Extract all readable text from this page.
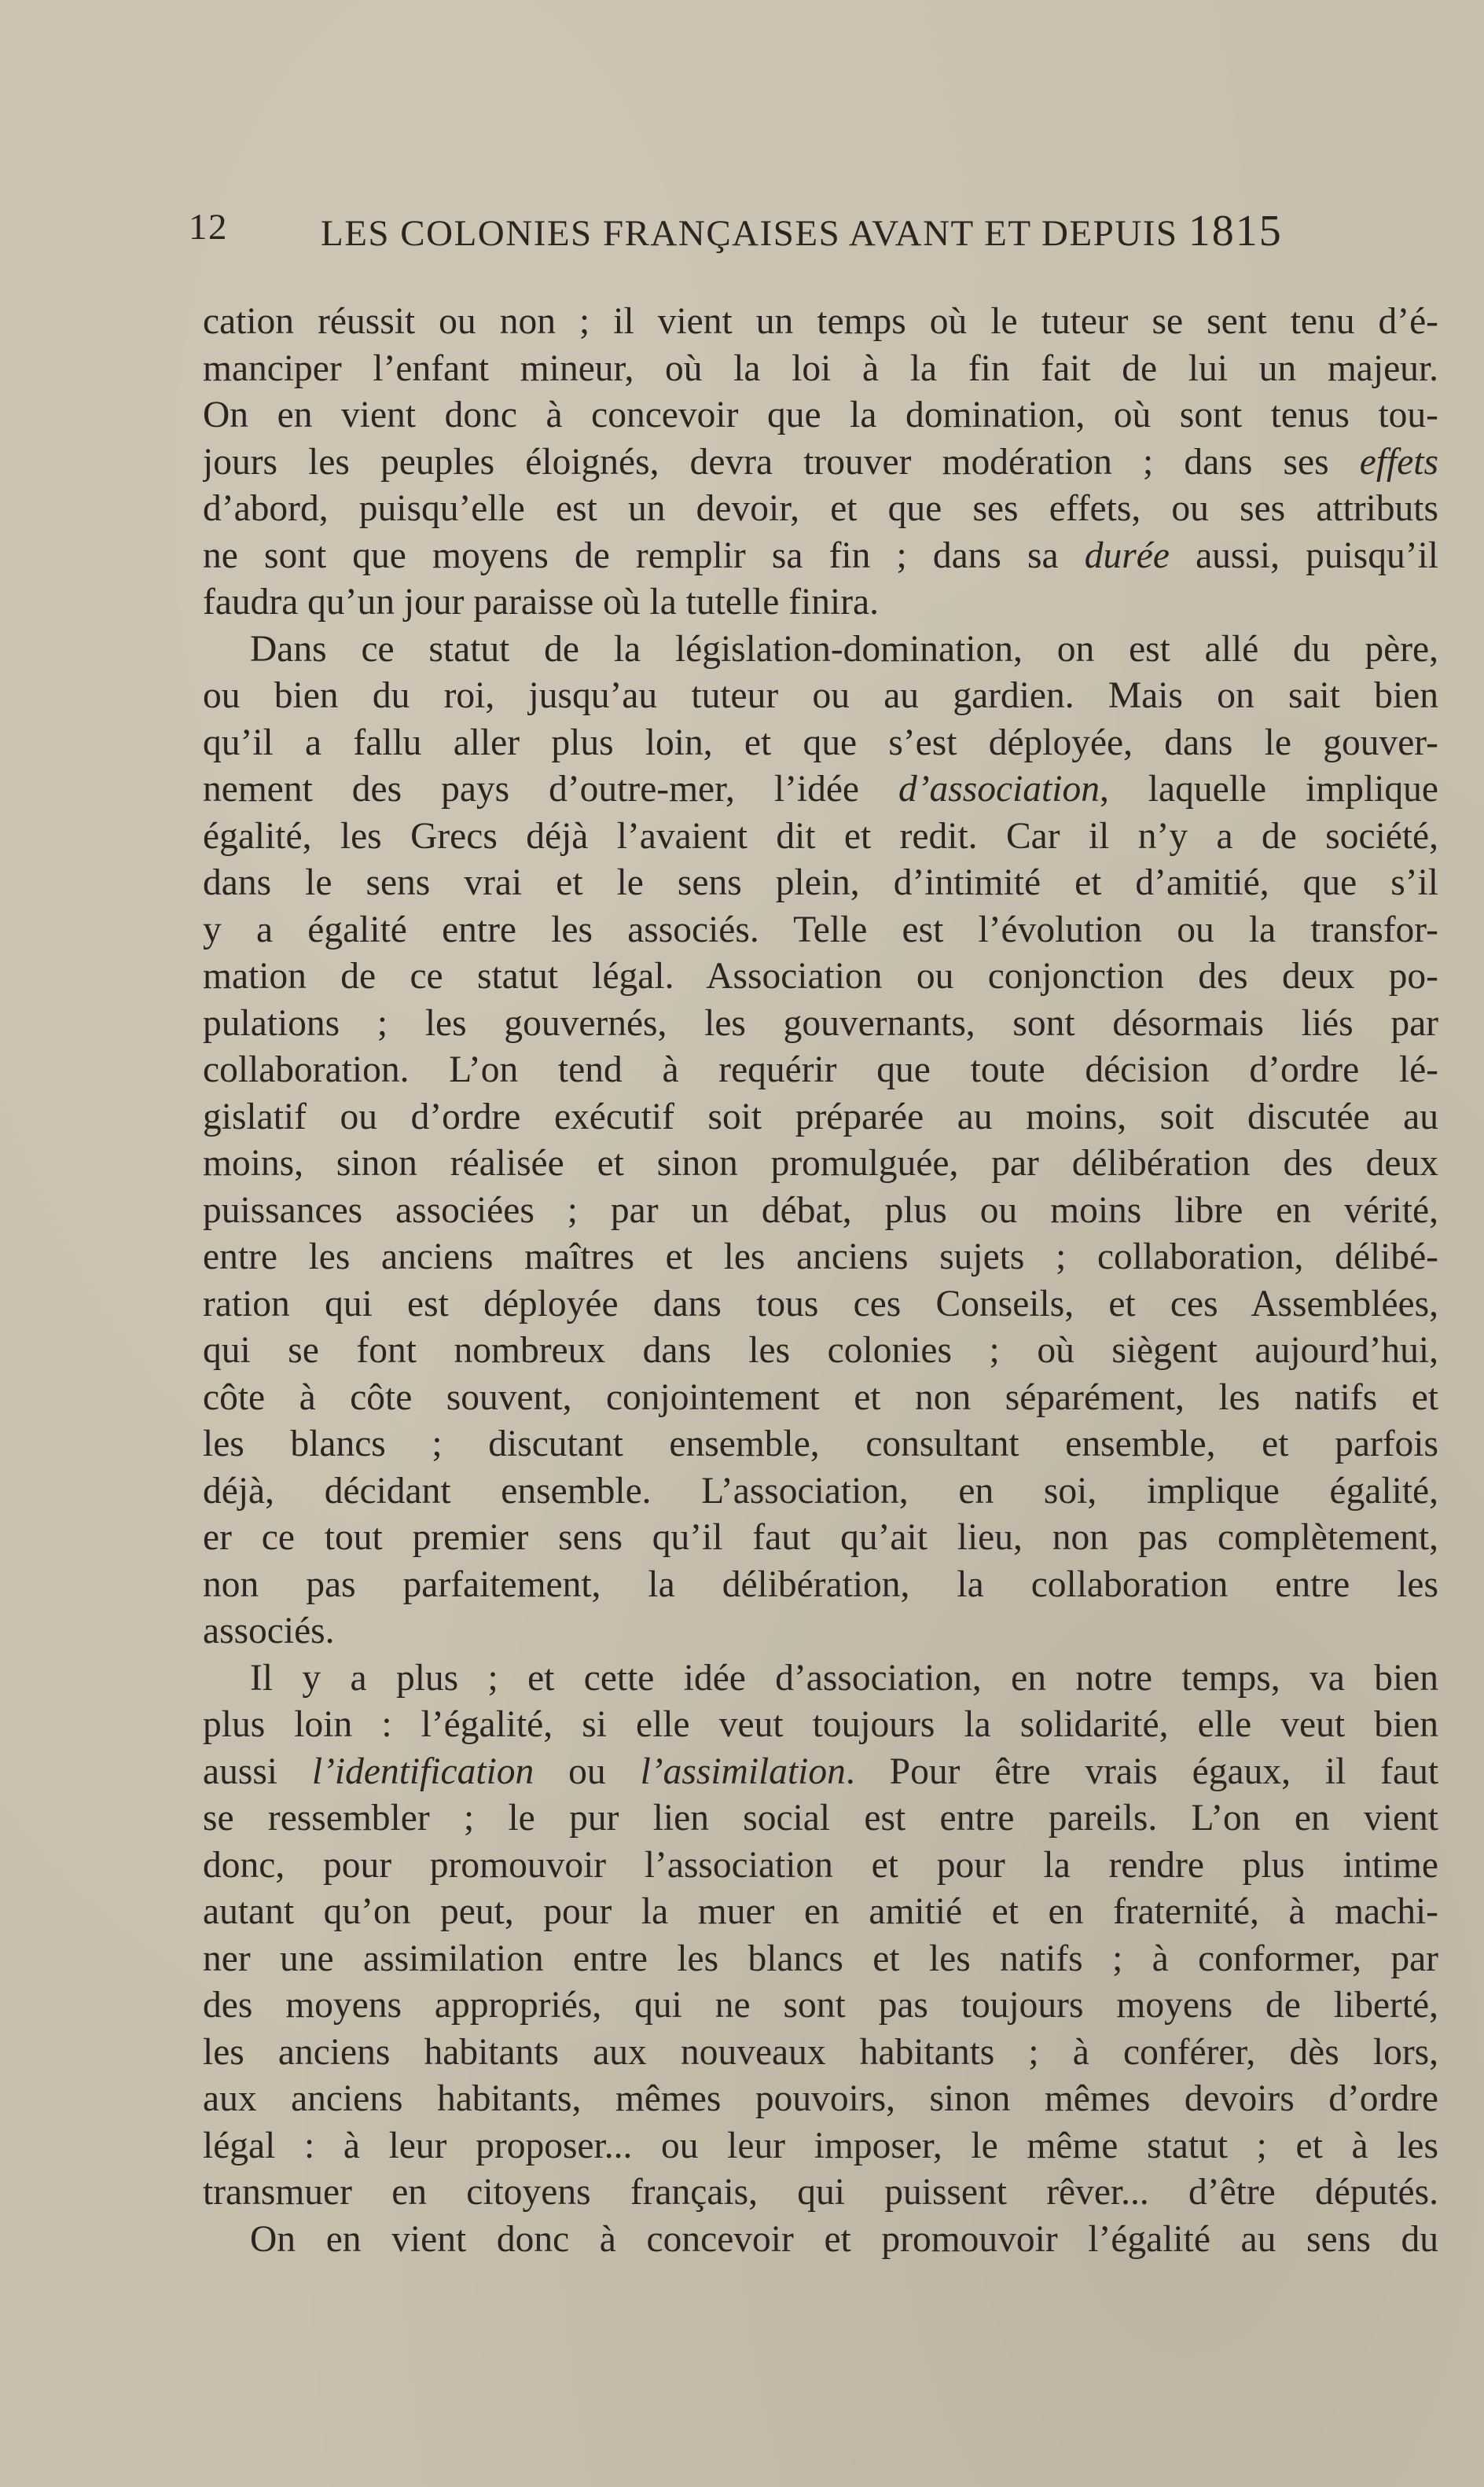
12	LES COLONIES FRANÇAISES AVANT ET DEPUIS 1815
cation réussit ou non ; il vient un temps où le tuteur se sent tenu d’é-
manciper l’enfant mineur, où la loi à la fin fait de lui un majeur.
On en vient donc à concevoir que la domination, où sont tenus tou-
jours les peuples éloignés, devra trouver modération ; dans ses effets
d’abord, puisqu’elle est un devoir, et que ses effets, ou ses attributs
ne sont que moyens de remplir sa fin ; dans sa durée aussi, puisqu’il
faudra qu’un jour paraisse où la tutelle finira.
Dans ce statut de la législation-domination, on est allé du père,
ou bien du roi, jusqu’au tuteur ou au gardien. Mais on sait bien
qu’il a fallu aller plus loin, et que s’est déployée, dans le gouver-
nement des pays d’outre-mer, l’idée d’association, laquelle implique
égalité, les Grecs déjà l’avaient dit et redit. Car il n’y a de société,
dans le sens vrai et le sens plein, d’intimité et d’amitié, que s’il
y a égalité entre les associés. Telle est l’évolution ou la transfor-
mation de ce statut légal. Association ou conjonction des deux po-
pulations ; les gouvernés, les gouvernants, sont désormais liés par
collaboration. L’on tend à requérir que toute décision d’ordre lé-
gislatif ou d’ordre exécutif soit préparée au moins, soit discutée au
moins, sinon réalisée et sinon promulguée, par délibération des deux
puissances associées ; par un débat, plus ou moins libre en vérité,
entre les anciens maîtres et les anciens sujets ; collaboration, délibé-
ration qui est déployée dans tous ces Conseils, et ces Assemblées,
qui se font nombreux dans les colonies ; où siègent aujourd’hui,
côte à côte souvent, conjointement et non séparément, les natifs et
les blancs ; discutant ensemble, consultant ensemble, et parfois
déjà, décidant ensemble. L’association, en soi, implique égalité,
er ce tout premier sens qu’il faut qu’ait lieu, non pas complètement,
non pas parfaitement, la délibération, la collaboration entre les
associés.
Il y a plus ; et cette idée d’association, en notre temps, va bien
plus loin : l’égalité, si elle veut toujours la solidarité, elle veut bien
aussi l’identification ou l’assimilation. Pour être vrais égaux, il faut
se ressembler ; le pur lien social est entre pareils. L’on en vient
donc, pour promouvoir l’association et pour la rendre plus intime
autant qu’on peut, pour la muer en amitié et en fraternité, à machi-
ner une assimilation entre les blancs et les natifs ; à conformer, par
des moyens appropriés, qui ne sont pas toujours moyens de liberté,
les anciens habitants aux nouveaux habitants ; à conférer, dès lors,
aux anciens habitants, mêmes pouvoirs, sinon mêmes devoirs d’ordre
légal : à leur proposer... ou leur imposer, le même statut ; et à les
transmuer en citoyens français, qui puissent rêver... d’être députés.
On en vient donc à concevoir et promouvoir l’égalité au sens du
